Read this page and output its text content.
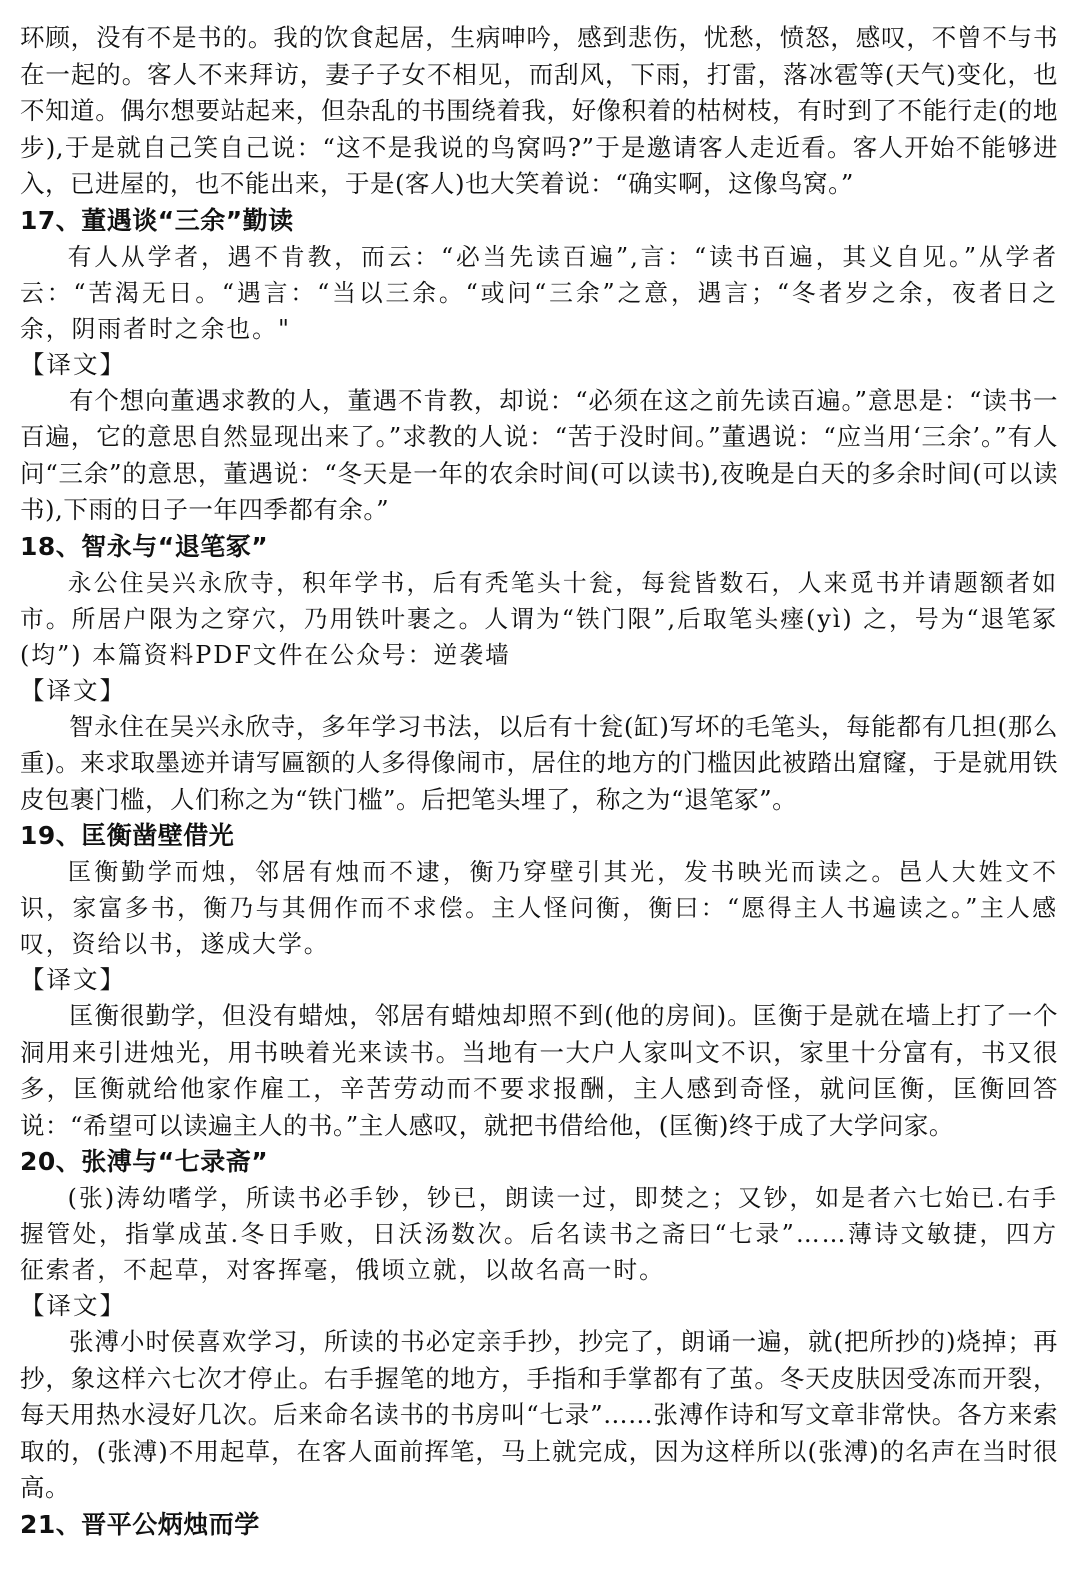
环顾，没有不是书的。我的饮食起居，生病呻吟，感到悲伤，忧愁，愤怒，感叹，不曾不与书在一起的。客人不来拜访，妻子子女不相见，而刮风，下雨，打雷，落冰雹等(天气)变化，也不知道。偶尔想要站起来，但杂乱的书围绕着我，好像积着的枯树枝，有时到了不能行走(的地步),于是就自己笑自己说：“这不是我说的鸟窝吗?”于是邀请客人走近看。客人开始不能够进入，已进屋的，也不能出来，于是(客人)也大笑着说：“确实啊，这像鸟窝。”

17、董遇谈“三余”勤读

有人从学者，遇不肯教，而云：“必当先读百遍”,言：“读书百遍，其义自见。”从学者云：“苦渴无日。“遇言：“当以三余。“或问“三余”之意，遇言；“冬者岁之余，夜者日之余，阴雨者时之余也。"

【译文】

有个想向董遇求教的人，董遇不肯教，却说：“必须在这之前先读百遍。”意思是：“读书一百遍，它的意思自然显现出来了。”求教的人说：“苦于没时间。”董遇说：“应当用‘三余’。”有人问“三余”的意思，董遇说：“冬天是一年的农余时间(可以读书),夜晚是白天的多余时间(可以读书),下雨的日子一年四季都有余。”

18、智永与“退笔冢”

永公住吴兴永欣寺，积年学书，后有秃笔头十瓮，每瓮皆数石，人来觅书并请题额者如市。所居户限为之穿穴，乃用铁叶裹之。人谓为“铁门限”,后取笔头瘗(yì) 之，号为“退笔冢(均”) 本篇资料PDF文件在公众号：逆袭墙

【译文】

智永住在吴兴永欣寺，多年学习书法，以后有十瓮(缸)写坏的毛笔头，每能都有几担(那么重)。来求取墨迹并请写匾额的人多得像闹市，居住的地方的门槛因此被踏出窟窿，于是就用铁皮包裹门槛，人们称之为“铁门槛”。后把笔头埋了，称之为“退笔冢”。

19、匡衡凿壁借光

匡衡勤学而烛，邻居有烛而不逮，衡乃穿壁引其光，发书映光而读之。邑人大姓文不识，家富多书，衡乃与其佣作而不求偿。主人怪问衡，衡曰：“愿得主人书遍读之。”主人感叹，资给以书，遂成大学。

【译文】

匡衡很勤学，但没有蜡烛，邻居有蜡烛却照不到(他的房间)。匡衡于是就在墙上打了一个洞用来引进烛光，用书映着光来读书。当地有一大户人家叫文不识，家里十分富有，书又很多，匡衡就给他家作雇工，辛苦劳动而不要求报酬，主人感到奇怪，就问匡衡，匡衡回答说：“希望可以读遍主人的书。”主人感叹，就把书借给他，(匡衡)终于成了大学问家。

20、张溥与“七录斋”

(张)涛幼嗜学，所读书必手钞，钞已，朗读一过，即焚之；又钞，如是者六七始已.右手握管处，指掌成茧.冬日手败，日沃汤数次。后名读书之斋曰“七录”……薄诗文敏捷，四方征索者，不起草，对客挥毫，俄顷立就，以故名高一时。

【译文】

张溥小时侯喜欢学习，所读的书必定亲手抄，抄完了，朗诵一遍，就(把所抄的)烧掉；再抄，象这样六七次才停止。右手握笔的地方，手指和手掌都有了茧。冬天皮肤因受冻而开裂，每天用热水浸好几次。后来命名读书的书房叫“七录”……张溥作诗和写文章非常快。各方来索取的，(张溥)不用起草，在客人面前挥笔，马上就完成，因为这样所以(张溥)的名声在当时很高。

21、晋平公炳烛而学
